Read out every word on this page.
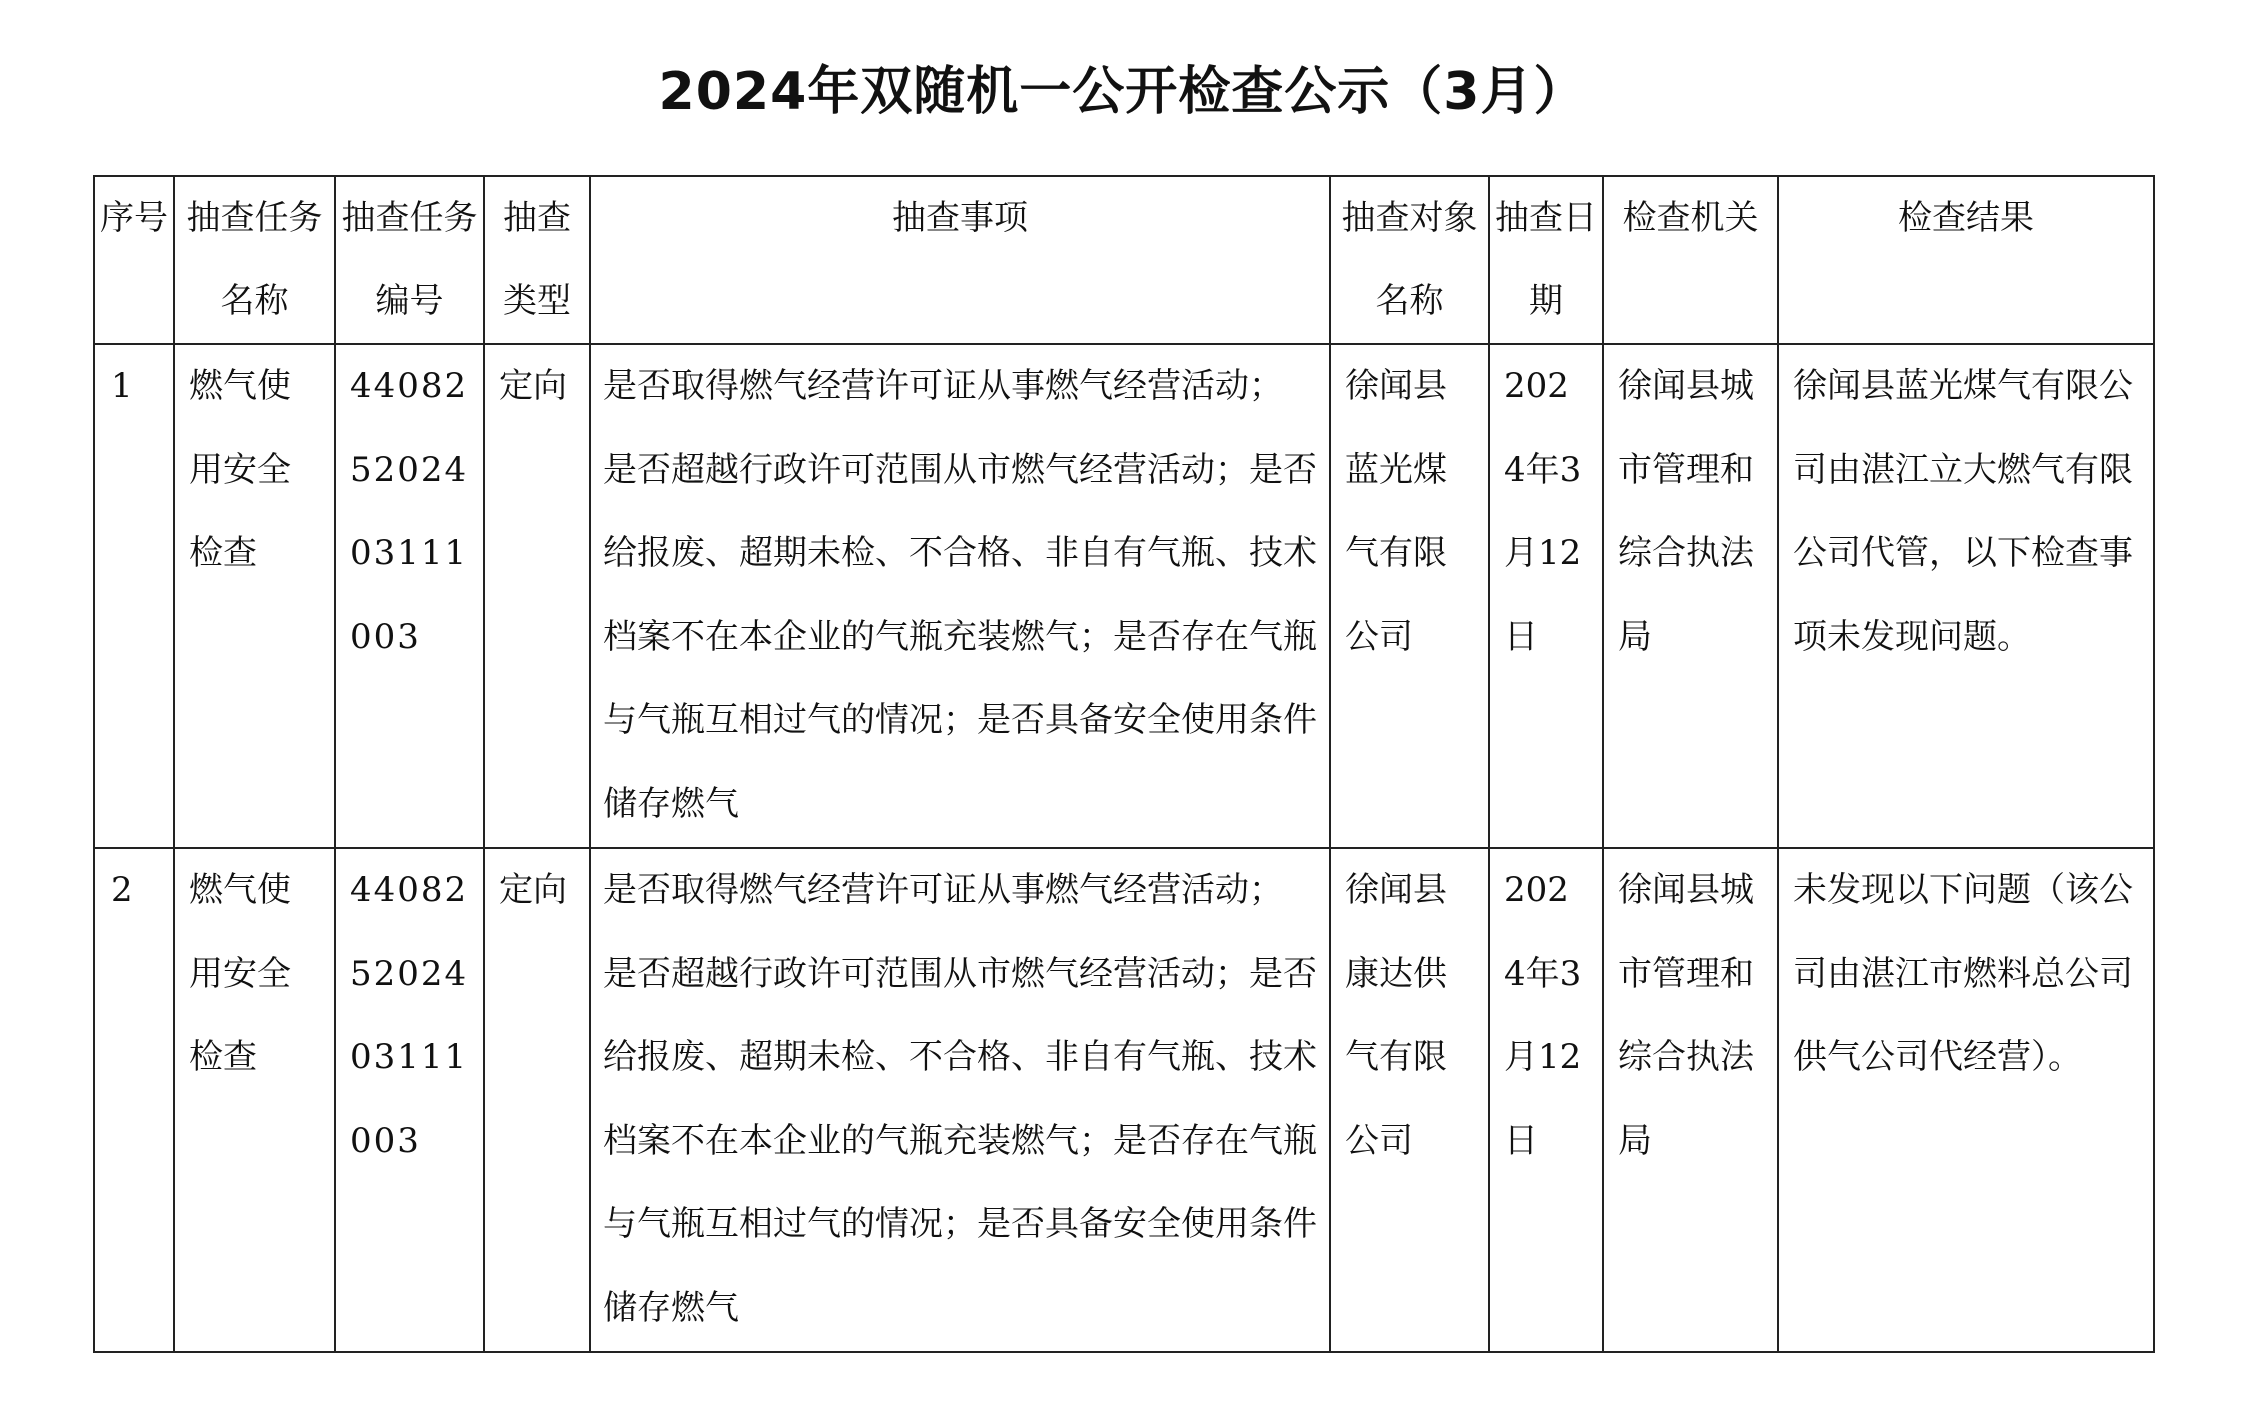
2024年双随机一公开检查公示（3月）
序号	抽查任务名称	抽查任务编号	抽查类型	抽查事项	抽查对象名称	抽查日期	检查机关	检查结果

1	燃气使用安全检查	440825202403111003	定向	是否取得燃气经营许可证从事燃气经营活动；　是否超越行政许可范围从市燃气经营活动；是否给报废、超期未检、不合格、非自有气瓶、技术档案不在本企业的气瓶充装燃气；是否存在气瓶与气瓶互相过气的情况；是否具备安全使用条件储存燃气	徐闻县蓝光煤气有限公司	2024年3月12日	徐闻县城市管理和综合执法局	徐闻县蓝光煤气有限公司由湛江立大燃气有限公司代管，以下检查事项未发现问题。

2	燃气使用安全检查	440825202403111003	定向	是否取得燃气经营许可证从事燃气经营活动；　是否超越行政许可范围从市燃气经营活动；是否给报废、超期未检、不合格、非自有气瓶、技术档案不在本企业的气瓶充装燃气；是否存在气瓶与气瓶互相过气的情况；是否具备安全使用条件储存燃气	徐闻县康达供气有限公司	2024年3月12日	徐闻县城市管理和综合执法局	未发现以下问题（该公司由湛江市燃料总公司供气公司代经营）。
